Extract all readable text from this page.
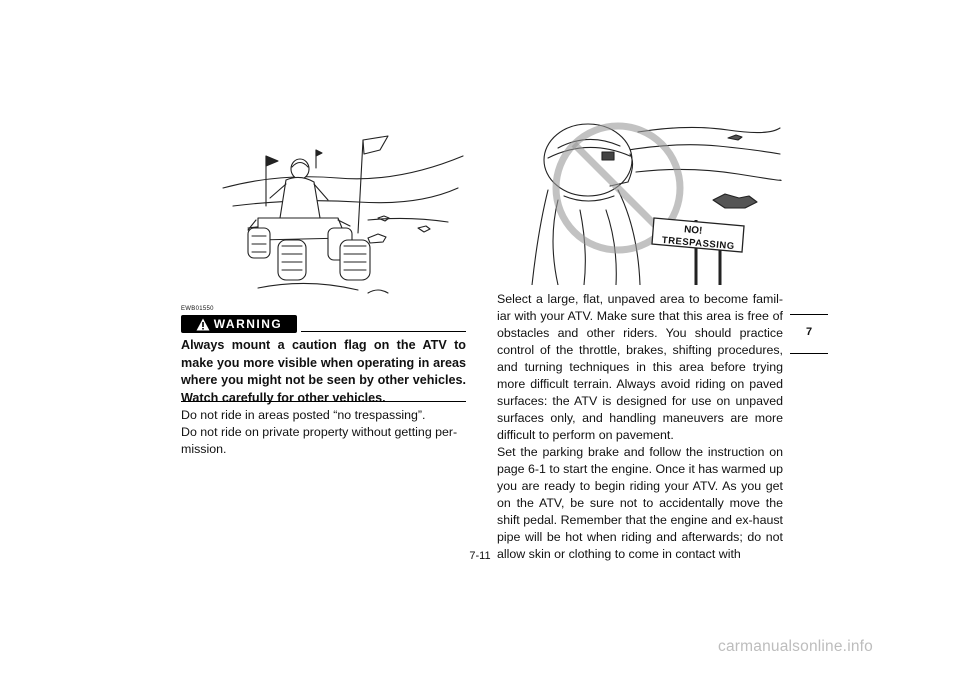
NO!
TRESPASSING
EWB01550
WARNING
Always mount a caution flag on the ATV to make you more visible when operating in areas where you might not be seen by other vehicles. Watch carefully for other vehicles.

Do not ride in areas posted “no trespassing”.

Do not ride on private property without getting per-mission.

Select a large, flat, unpaved area to become famil-iar with your ATV. Make sure that this area is free of obstacles and other riders. You should practice control of the throttle, brakes, shifting procedures, and turning techniques in this area before trying more difficult terrain. Always avoid riding on paved surfaces: the ATV is designed for use on unpaved surfaces only, and handling maneuvers are more difficult to perform on pavement.

Set the parking brake and follow the instruction on page 6-1 to start the engine. Once it has warmed up you are ready to begin riding your ATV. As you get on the ATV, be sure not to accidentally move the shift pedal. Remember that the engine and ex-haust pipe will be hot when riding and afterwards; do not allow skin or clothing to come in contact with

7
7-11
carmanualsonline.info
